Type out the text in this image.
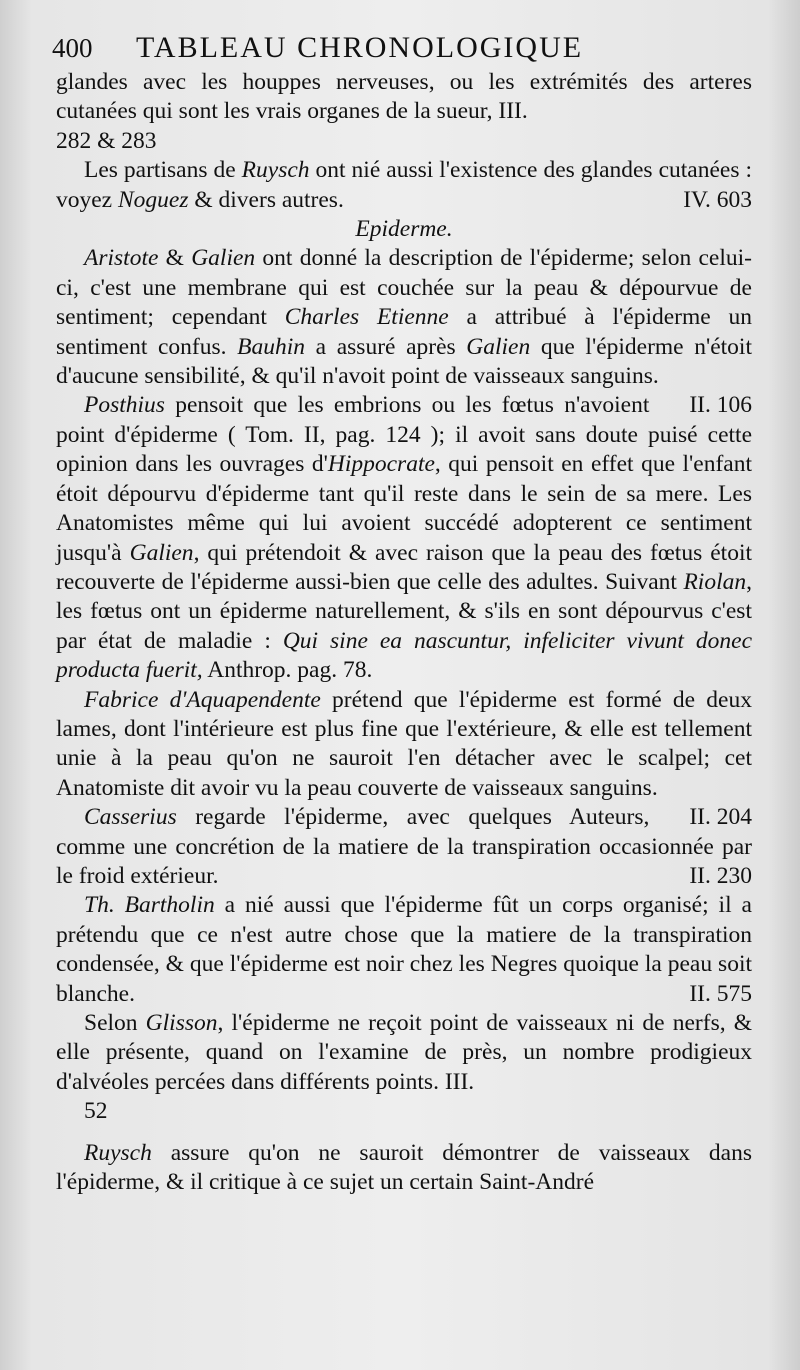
400 TABLEAU CHRONOLOGIQUE

glandes avec les houppes nerveuses, ou les extrémités des arteres cutanées qui sont les vrais organes de la sueur, III.

282 & 283
Les partisans de Ruysch ont nié aussi l'existence des glandes cutanées : voyez Noguez & divers autres.	IV. 603
Epiderme.
Aristote & Galien ont donné la description de l'épiderme; selon celui-ci, c'est une membrane qui est couchée sur la peau & dépourvue de sentiment; cependant Charles Etienne a attribué à l'épiderme un sentiment confus. Bauhin a assuré après Galien que l'épiderme n'étoit d'aucune sensibilité, & qu'il n'avoit point de vaisseaux sanguins.
II. 106
Posthius pensoit que les embrions ou les fœtus n'avoient point d'épiderme ( Tom. II, pag. 124 ); il avoit sans doute puisé cette opinion dans les ouvrages d'Hippocrate, qui pensoit en effet que l'enfant étoit dépourvu d'épiderme tant qu'il reste dans le sein de sa mere. Les Anatomistes même qui lui avoient succédé adopterent ce sentiment jusqu'à Galien, qui prétendoit & avec raison que la peau des fœtus étoit recouverte de l'épiderme aussi-bien que celle des adultes. Suivant Riolan, les fœtus ont un épiderme naturellement, & s'ils en sont dépourvus c'est par état de maladie : Qui sine ea nascuntur, infeliciter vivunt donec producta fuerit, Anthrop. pag. 78.
Fabrice d'Aquapendente prétend que l'épiderme est formé de deux lames, dont l'intérieure est plus fine que l'extérieure, & elle est tellement unie à la peau qu'on ne sauroit l'en détacher avec le scalpel; cet Anatomiste dit avoir vu la peau couverte de vaisseaux sanguins.
II. 204
Casserius regarde l'épiderme, avec quelques Auteurs, comme une concrétion de la matiere de la transpiration occasionnée par le froid extérieur.	II. 230
Th. Bartholin a nié aussi que l'épiderme fût un corps organisé; il a prétendu que ce n'est autre chose que la matiere de la transpiration condensée, & que l'épiderme est noir chez les Negres quoique la peau soit blanche.	II. 575
Selon Glisson, l'épiderme ne reçoit point de vaisseaux ni de nerfs, & elle présente, quand on l'examine de près, un nombre prodigieux d'alvéoles percées dans différents points. III.
52
Ruysch assure qu'on ne sauroit démontrer de vaisseaux dans l'épiderme, & il critique à ce sujet un certain Saint-André
